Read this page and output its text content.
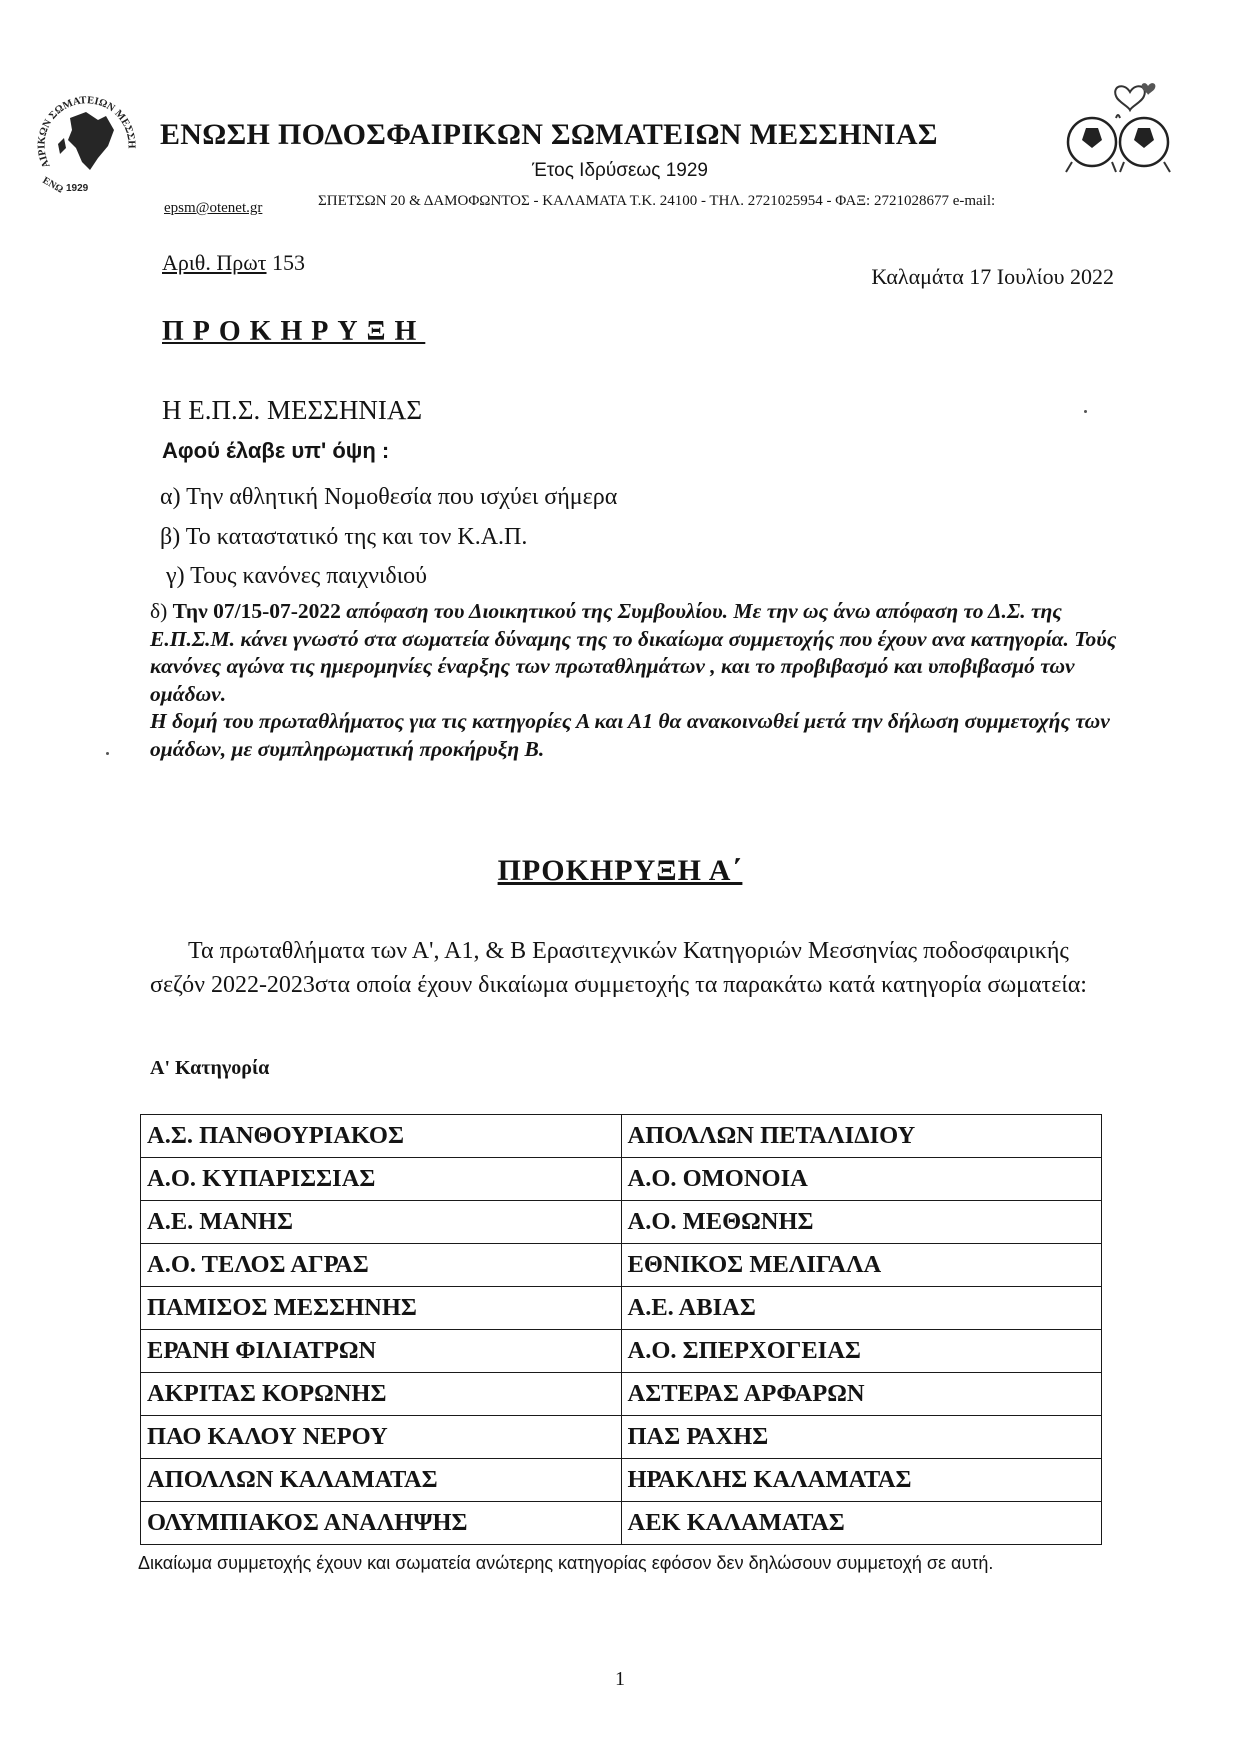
ΑΙΡΙΚΩΝ ΣΩΜΑΤΕΙΩΝ ΜΕΣΣΗ
ΕΝΩ 1929
ΕΝΩΣΗ ΠΟΔΟΣΦΑΙΡΙΚΩΝ ΣΩΜΑΤΕΙΩΝ ΜΕΣΣΗΝΙΑΣ
Έτος Ιδρύσεως 1929
ΣΠΕΤΣΩΝ 20 & ΔΑΜΟΦΩΝΤΟΣ - ΚΑΛΑΜΑΤΑ Τ.Κ. 24100 - ΤΗΛ. 2721025954 - ΦΑΞ: 2721028677 e-mail:
epsm@otenet.gr
Αριθ. Πρωτ 153
Καλαμάτα 17 Ιουλίου 2022
ΠΡΟΚΗΡΥΞΗ
Η Ε.Π.Σ. ΜΕΣΣΗΝΙΑΣ
Αφού έλαβε υπ' όψη :
α) Την αθλητική Νομοθεσία που ισχύει σήμερα
β) Το καταστατικό της και τον Κ.Α.Π.
γ) Τους κανόνες παιχνιδιού
δ) Την 07/15-07-2022 απόφαση του Διοικητικού της Συμβουλίου. Με την ως άνω απόφαση το Δ.Σ. της Ε.Π.Σ.Μ. κάνει γνωστό στα σωματεία δύναμης της το δικαίωμα συμμετοχής που έχουν ανα κατηγορία. Τούς κανόνες αγώνα τις ημερομηνίες έναρξης των πρωταθλημάτων , και το προβιβασμό και υποβιβασμό των ομάδων.
Η δομή του πρωταθλήματος για τις κατηγορίες Α και Α1 θα ανακοινωθεί μετά την δήλωση συμμετοχής των ομάδων, με συμπληρωματική προκήρυξη Β.
ΠΡΟΚΗΡΥΞΗ Α΄
Τα πρωταθλήματα των Α', Α1, & Β Ερασιτεχνικών Κατηγοριών Μεσσηνίας ποδοσφαιρικής σεζόν 2022-2023στα οποία έχουν δικαίωμα συμμετοχής τα παρακάτω κατά κατηγορία σωματεία:
Α' Κατηγορία
Α.Σ. ΠΑΝΘΟΥΡΙΑΚΟΣ	ΑΠΟΛΛΩΝ ΠΕΤΑΛΙΔΙΟΥ
Α.Ο. ΚΥΠΑΡΙΣΣΙΑΣ	Α.Ο. ΟΜΟΝΟΙΑ
Α.Ε. ΜΑΝΗΣ	Α.Ο. ΜΕΘΩΝΗΣ
Α.Ο. ΤΕΛΟΣ ΑΓΡΑΣ	ΕΘΝΙΚΟΣ ΜΕΛΙΓΑΛΑ
ΠΑΜΙΣΟΣ ΜΕΣΣΗΝΗΣ	Α.Ε. ΑΒΙΑΣ
ΕΡΑΝΗ ΦΙΛΙΑΤΡΩΝ	Α.Ο. ΣΠΕΡΧΟΓΕΙΑΣ
ΑΚΡΙΤΑΣ ΚΟΡΩΝΗΣ	ΑΣΤΕΡΑΣ ΑΡΦΑΡΩΝ
ΠΑΟ ΚΑΛΟΥ ΝΕΡΟΥ	ΠΑΣ ΡΑΧΗΣ
ΑΠΟΛΛΩΝ ΚΑΛΑΜΑΤΑΣ	ΗΡΑΚΛΗΣ ΚΑΛΑΜΑΤΑΣ
ΟΛΥΜΠΙΑΚΟΣ ΑΝΑΛΗΨΗΣ	ΑΕΚ ΚΑΛΑΜΑΤΑΣ
Δικαίωμα συμμετοχής έχουν και σωματεία ανώτερης κατηγορίας εφόσον δεν δηλώσουν συμμετοχή σε αυτή.
1
